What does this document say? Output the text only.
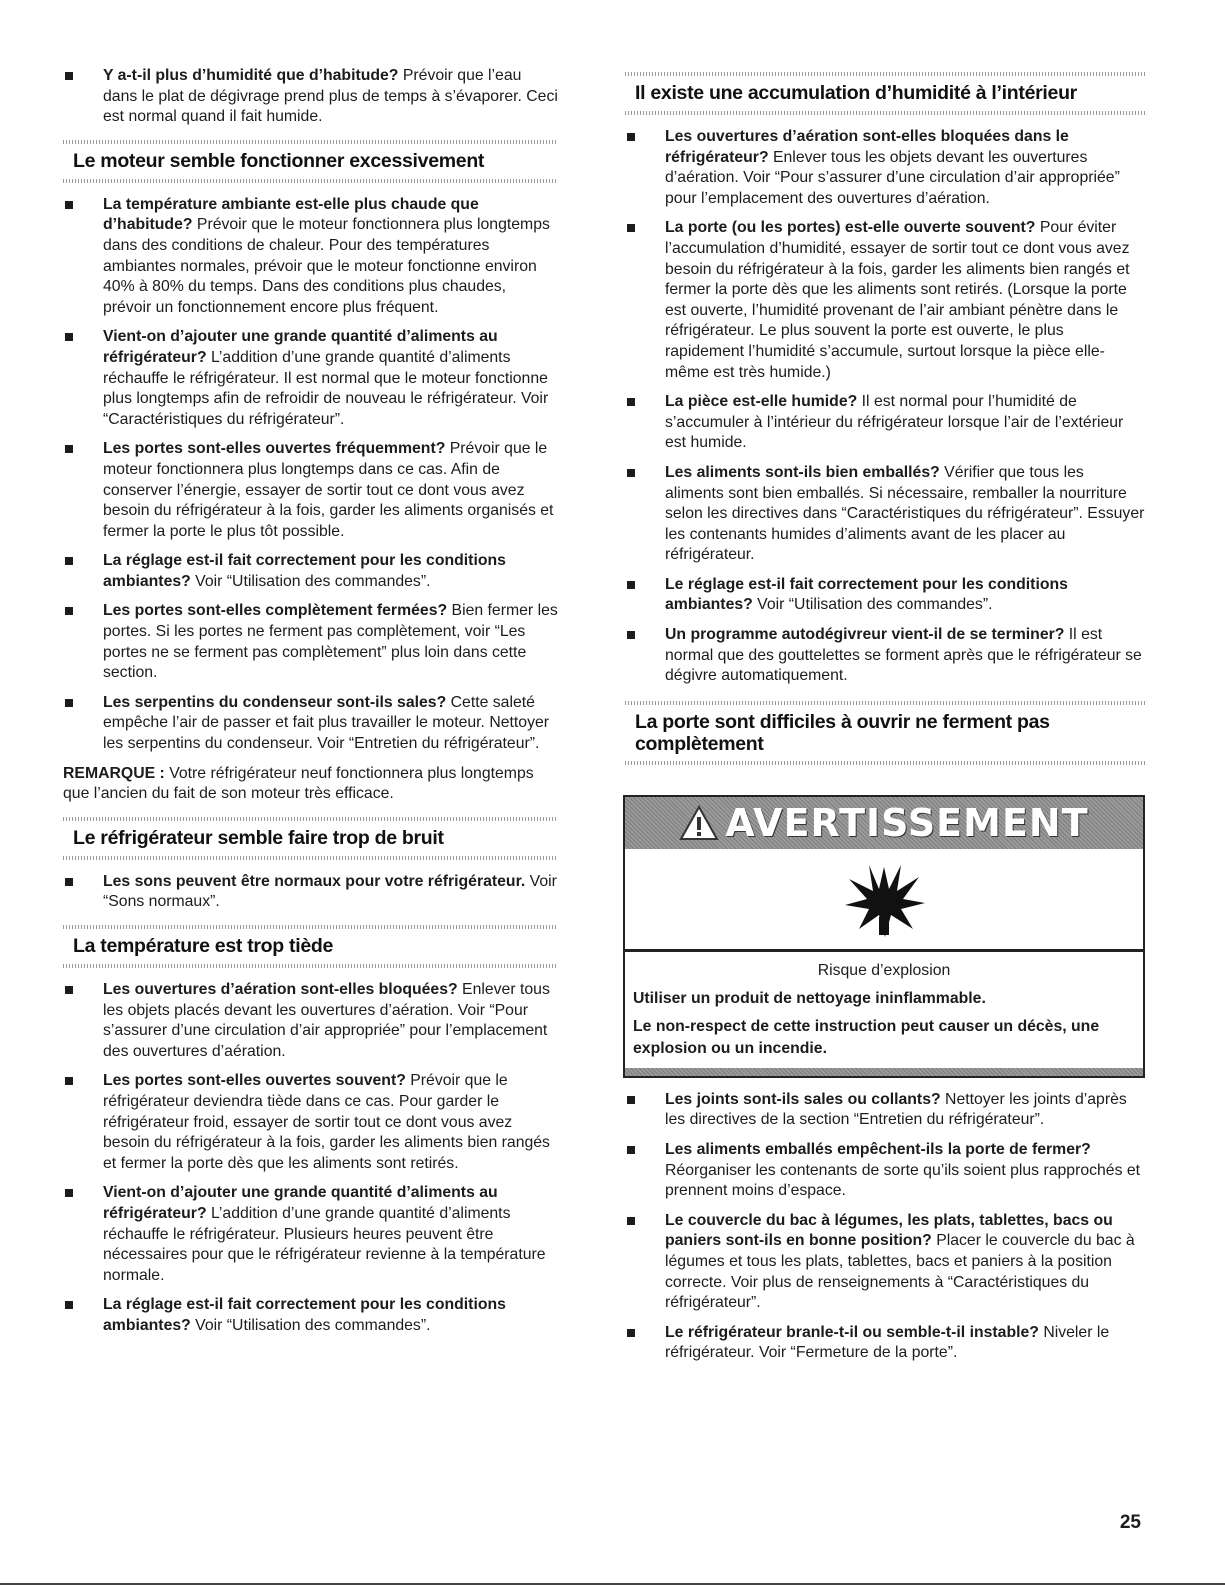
Y a-t-il plus d’humidité que d’habitude? Prévoir que l’eau dans le plat de dégivrage prend plus de temps à s’évaporer. Ceci est normal quand il fait humide.
Le moteur semble fonctionner excessivement
La température ambiante est-elle plus chaude que d’habitude? Prévoir que le moteur fonctionnera plus longtemps dans des conditions de chaleur. Pour des températures ambiantes normales, prévoir que le moteur fonctionne environ 40% à 80% du temps. Dans des conditions plus chaudes, prévoir un fonctionnement encore plus fréquent.
Vient-on d’ajouter une grande quantité d’aliments au réfrigérateur? L’addition d’une grande quantité d’aliments réchauffe le réfrigérateur. Il est normal que le moteur fonctionne plus longtemps afin de refroidir de nouveau le réfrigérateur. Voir “Caractéristiques du réfrigérateur”.
Les portes sont-elles ouvertes fréquemment? Prévoir que le moteur fonctionnera plus longtemps dans ce cas. Afin de conserver l’énergie, essayer de sortir tout ce dont vous avez besoin du réfrigérateur à la fois, garder les aliments organisés et fermer la porte le plus tôt possible.
La réglage est-il fait correctement pour les conditions ambiantes? Voir “Utilisation des commandes”.
Les portes sont-elles complètement fermées? Bien fermer les portes. Si les portes ne ferment pas complètement, voir “Les portes ne se ferment pas complètement” plus loin dans cette section.
Les serpentins du condenseur sont-ils sales? Cette saleté empêche l’air de passer et fait plus travailler le moteur. Nettoyer les serpentins du condenseur. Voir “Entretien du réfrigérateur”.
REMARQUE : Votre réfrigérateur neuf fonctionnera plus longtemps que l’ancien du fait de son moteur très efficace.
Le réfrigérateur semble faire trop de bruit
Les sons peuvent être normaux pour votre réfrigérateur. Voir “Sons normaux”.
La température est trop tiède
Les ouvertures d’aération sont-elles bloquées? Enlever tous les objets placés devant les ouvertures d’aération. Voir “Pour s’assurer d’une circulation d’air appropriée” pour l’emplacement des ouvertures d’aération.
Les portes sont-elles ouvertes souvent? Prévoir que le réfrigérateur deviendra tiède dans ce cas. Pour garder le réfrigérateur froid, essayer de sortir tout ce dont vous avez besoin du réfrigérateur à la fois, garder les aliments bien rangés et fermer la porte dès que les aliments sont retirés.
Vient-on d’ajouter une grande quantité d’aliments au réfrigérateur? L’addition d’une grande quantité d’aliments réchauffe le réfrigérateur. Plusieurs heures peuvent être nécessaires pour que le réfrigérateur revienne à la température normale.
La réglage est-il fait correctement pour les conditions ambiantes? Voir “Utilisation des commandes”.
Il existe une accumulation d’humidité à l’intérieur
Les ouvertures d’aération sont-elles bloquées dans le réfrigérateur? Enlever tous les objets devant les ouvertures d’aération. Voir “Pour s’assurer d’une circulation d’air appropriée” pour l’emplacement des ouvertures d’aération.
La porte (ou les portes) est-elle ouverte souvent? Pour éviter l’accumulation d’humidité, essayer de sortir tout ce dont vous avez besoin du réfrigérateur à la fois, garder les aliments bien rangés et fermer la porte dès que les aliments sont retirés. (Lorsque la porte est ouverte, l’humidité provenant de l’air ambiant pénètre dans le réfrigérateur. Le plus souvent la porte est ouverte, le plus rapidement l’humidité s’accumule, surtout lorsque la pièce elle-même est très humide.)
La pièce est-elle humide? Il est normal pour l’humidité de s’accumuler à l’intérieur du réfrigérateur lorsque l’air de l’extérieur est humide.
Les aliments sont-ils bien emballés? Vérifier que tous les aliments sont bien emballés. Si nécessaire, remballer la nourriture selon les directives dans “Caractéristiques du réfrigérateur”. Essuyer les contenants humides d’aliments avant de les placer au réfrigérateur.
Le réglage est-il fait correctement pour les conditions ambiantes? Voir “Utilisation des commandes”.
Un programme autodégivreur vient-il de se terminer? Il est normal que des gouttelettes se forment après que le réfrigérateur se dégivre automatiquement.
La porte sont difficiles à ouvrir ne ferment pas complètement
AVERTISSEMENT
Risque d’explosion
Utiliser un produit de nettoyage ininflammable.
Le non-respect de cette instruction peut causer un décès, une explosion ou un incendie.
Les joints sont-ils sales ou collants? Nettoyer les joints d’après les directives de la section “Entretien du réfrigérateur”.
Les aliments emballés empêchent-ils la porte de fermer? Réorganiser les contenants de sorte qu’ils soient plus rapprochés et prennent moins d’espace.
Le couvercle du bac à légumes, les plats, tablettes, bacs ou paniers sont-ils en bonne position? Placer le couvercle du bac à légumes et tous les plats, tablettes, bacs et paniers à la position correcte. Voir plus de renseignements à “Caractéristiques du réfrigérateur”.
Le réfrigérateur branle-t-il ou semble-t-il instable? Niveler le réfrigérateur. Voir “Fermeture de la porte”.
25
